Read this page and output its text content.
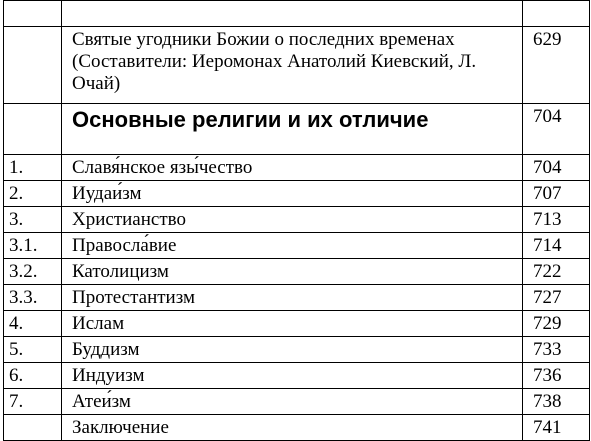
	Святые угодники Божии о последних временах (Составители: Иеромонах Анатолий Киевский, Л. Очай)	629
	Основные религии и их отличие	704
1.	Славя́нское язы́чество	704
2.	Иудаи́зм	707
3.	Христианство	713
3.1.	Правосла́вие	714
3.2.	Католицизм	722
3.3.	Протестантизм	727
4.	Ислам	729
5.	Буддизм	733
6.	Индуизм	736
7.	Атеи́зм	738
	Заключение	741
